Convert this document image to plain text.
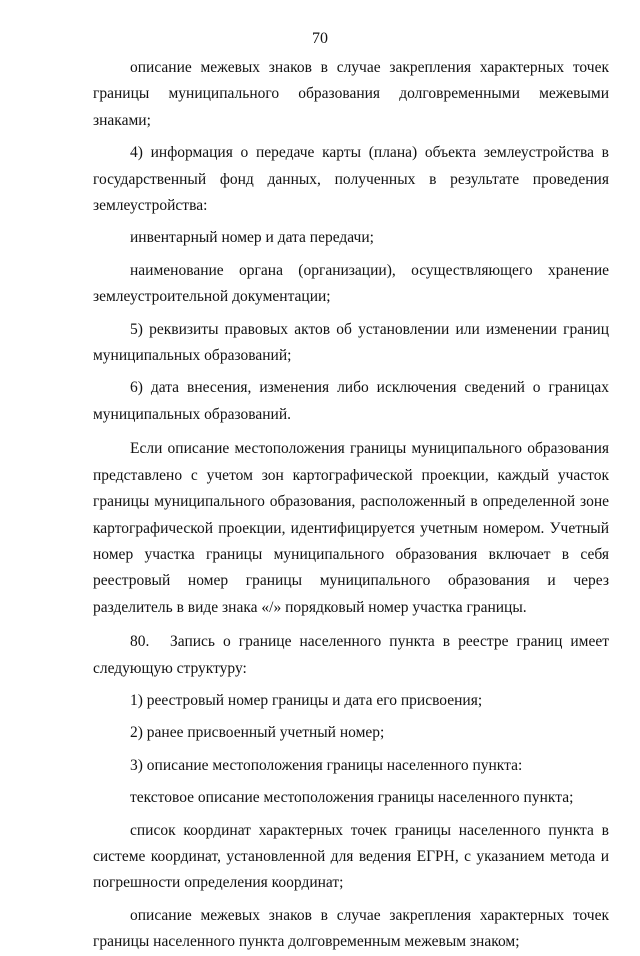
70

описание межевых знаков в случае закрепления характерных точек границы муниципального образования долговременными межевыми знаками;

4) информация о передаче карты (плана) объекта землеустройства в государственный фонд данных, полученных в результате проведения землеустройства:

инвентарный номер и дата передачи;

наименование органа (организации), осуществляющего хранение землеустроительной документации;

5) реквизиты правовых актов об установлении или изменении границ муниципальных образований;

6) дата внесения, изменения либо исключения сведений о границах муниципальных образований.

Если описание местоположения границы муниципального образования представлено с учетом зон картографической проекции, каждый участок границы муниципального образования, расположенный в определенной зоне картографической проекции, идентифицируется учетным номером. Учетный номер участка границы муниципального образования включает в себя реестровый номер границы муниципального образования и через разделитель в виде знака «/» порядковый номер участка границы.

80. Запись о границе населенного пункта в реестре границ имеет следующую структуру:

1) реестровый номер границы и дата его присвоения;

2) ранее присвоенный учетный номер;

3) описание местоположения границы населенного пункта:

текстовое описание местоположения границы населенного пункта;

список координат характерных точек границы населенного пункта в системе координат, установленной для ведения ЕГРН, с указанием метода и погрешности определения координат;

описание межевых знаков в случае закрепления характерных точек границы населенного пункта долговременным межевым знаком;
